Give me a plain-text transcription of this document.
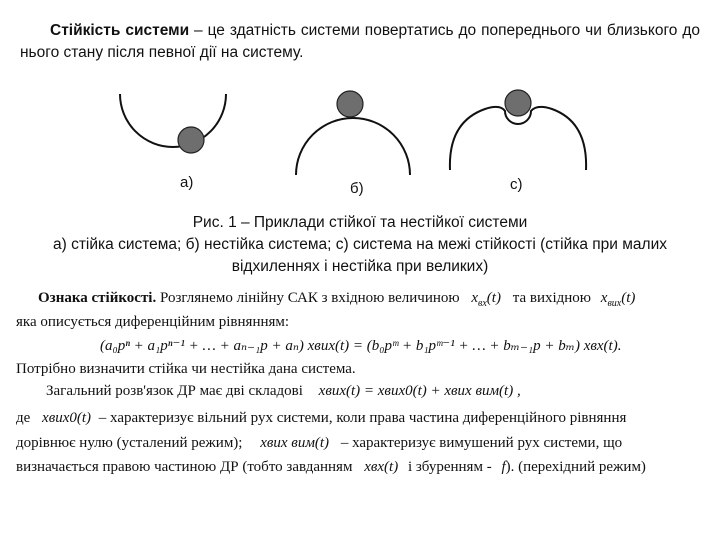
Стійкість системи – це здатність системи повертатись до попереднього чи близького до нього стану після певної дії на систему.
а)	б)	с)
Рис. 1 – Приклади стійкої та нестійкої системи
а) стійка система; б) нестійка система; с) система на межі стійкості (стійка при малих відхиленнях і нестійка при великих)
Ознака стійкості. Розглянемо лінійну САК з вхідною величиною $x_{вх}(t)$ та вихідною $x_{вих}(t)$
яка описується диференційним рівнянням:
(a₀pⁿ + a₁pⁿ⁻¹ + … + aₙ₋₁p + aₙ) xвих(t) = (b₀pᵐ + b₁pᵐ⁻¹ + … + bₘ₋₁p + bₘ) xвх(t).
Потрібно визначити стійка чи нестійка дана система.
Загальний розв'язок ДР має дві складові xвих(t) = xвих0(t) + xвих вим(t) ,
де xвих0(t) – характеризує вільний рух системи, коли права частина диференційного рівняння
дорівнює нулю (усталений режим); xвих вим(t) – характеризує вимушений рух системи, що
визначається правою частиною ДР (тобто завданням xвх(t) і збуренням - f). (перехідний режим)
